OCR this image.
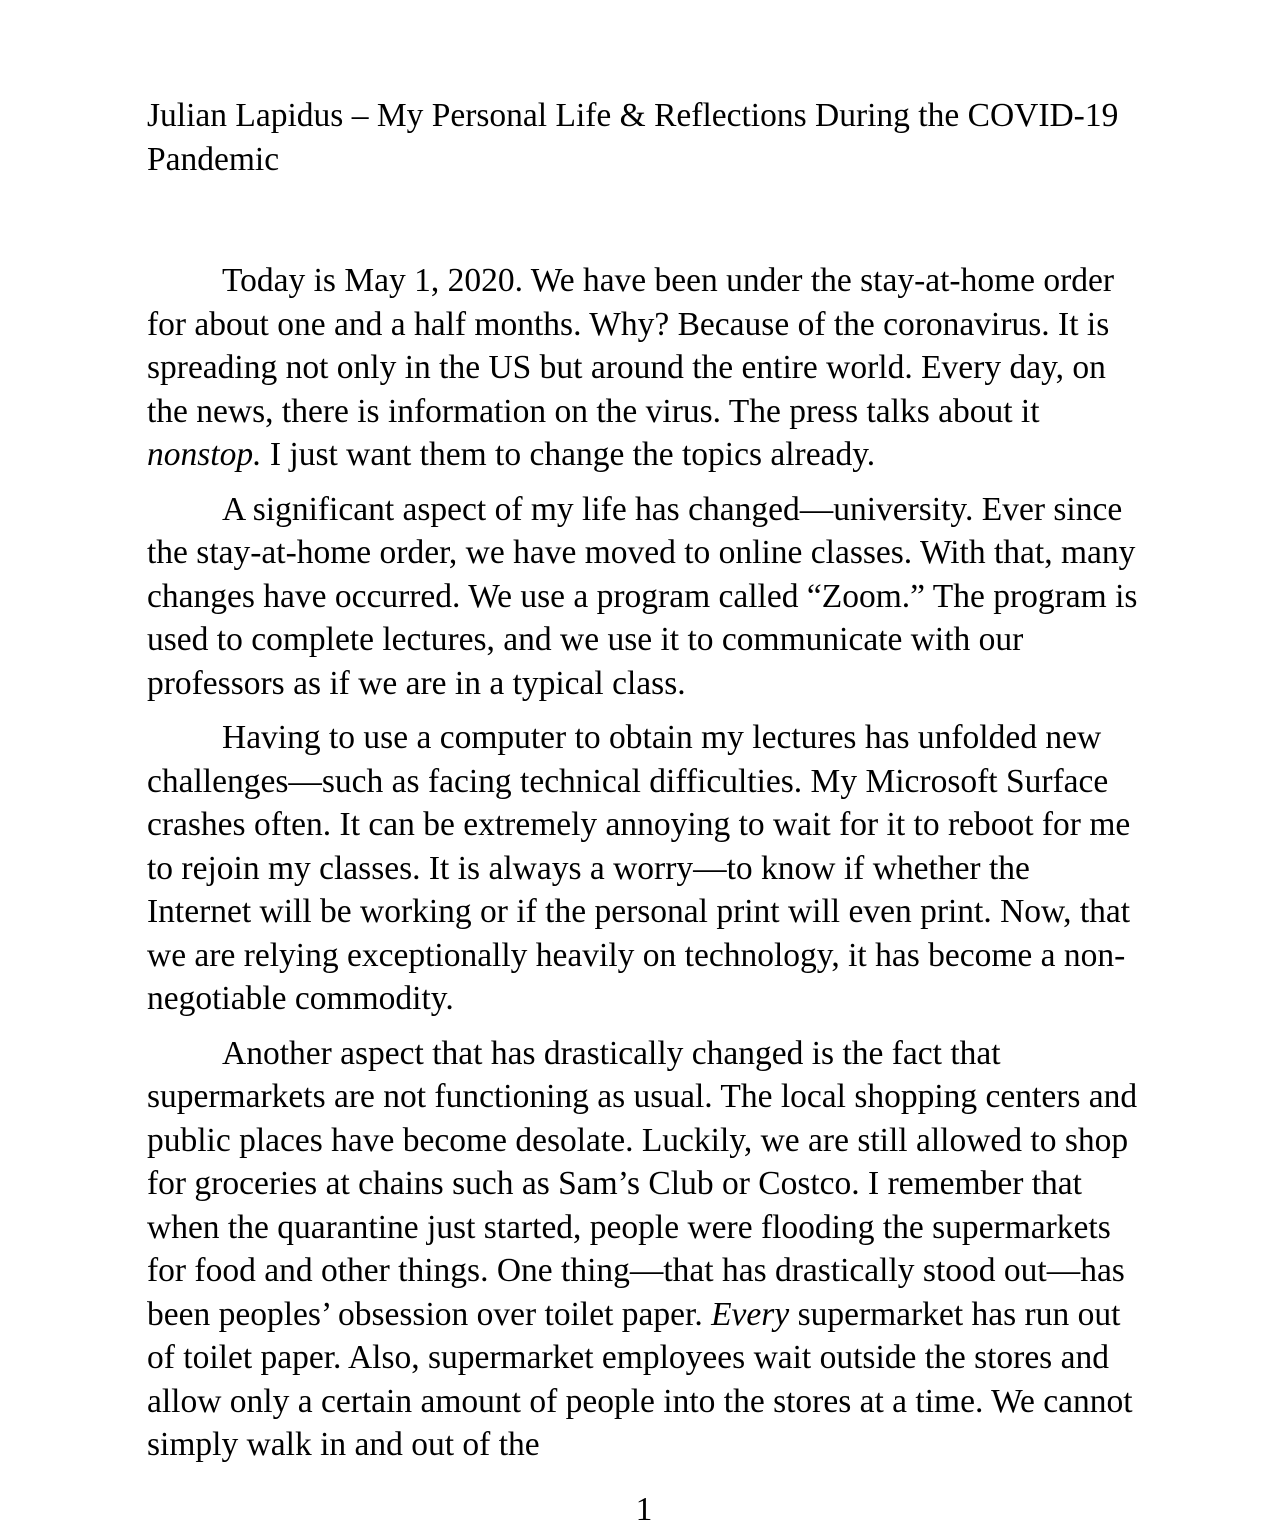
Julian Lapidus – My Personal Life & Reflections During the COVID-19 Pandemic

Today is May 1, 2020. We have been under the stay-at-home order for about one and a half months. Why? Because of the coronavirus. It is spreading not only in the US but around the entire world. Every day, on the news, there is information on the virus. The press talks about it nonstop. I just want them to change the topics already.

A significant aspect of my life has changed—university. Ever since the stay-at-home order, we have moved to online classes. With that, many changes have occurred. We use a program called “Zoom.” The program is used to complete lectures, and we use it to communicate with our professors as if we are in a typical class.

Having to use a computer to obtain my lectures has unfolded new challenges—such as facing technical difficulties. My Microsoft Surface crashes often. It can be extremely annoying to wait for it to reboot for me to rejoin my classes. It is always a worry—to know if whether the Internet will be working or if the personal print will even print. Now, that we are relying exceptionally heavily on technology, it has become a non-negotiable commodity.

Another aspect that has drastically changed is the fact that supermarkets are not functioning as usual. The local shopping centers and public places have become desolate. Luckily, we are still allowed to shop for groceries at chains such as Sam’s Club or Costco. I remember that when the quarantine just started, people were flooding the supermarkets for food and other things. One thing—that has drastically stood out—has been peoples’ obsession over toilet paper. Every supermarket has run out of toilet paper. Also, supermarket employees wait outside the stores and allow only a certain amount of people into the stores at a time. We cannot simply walk in and out of the

1
